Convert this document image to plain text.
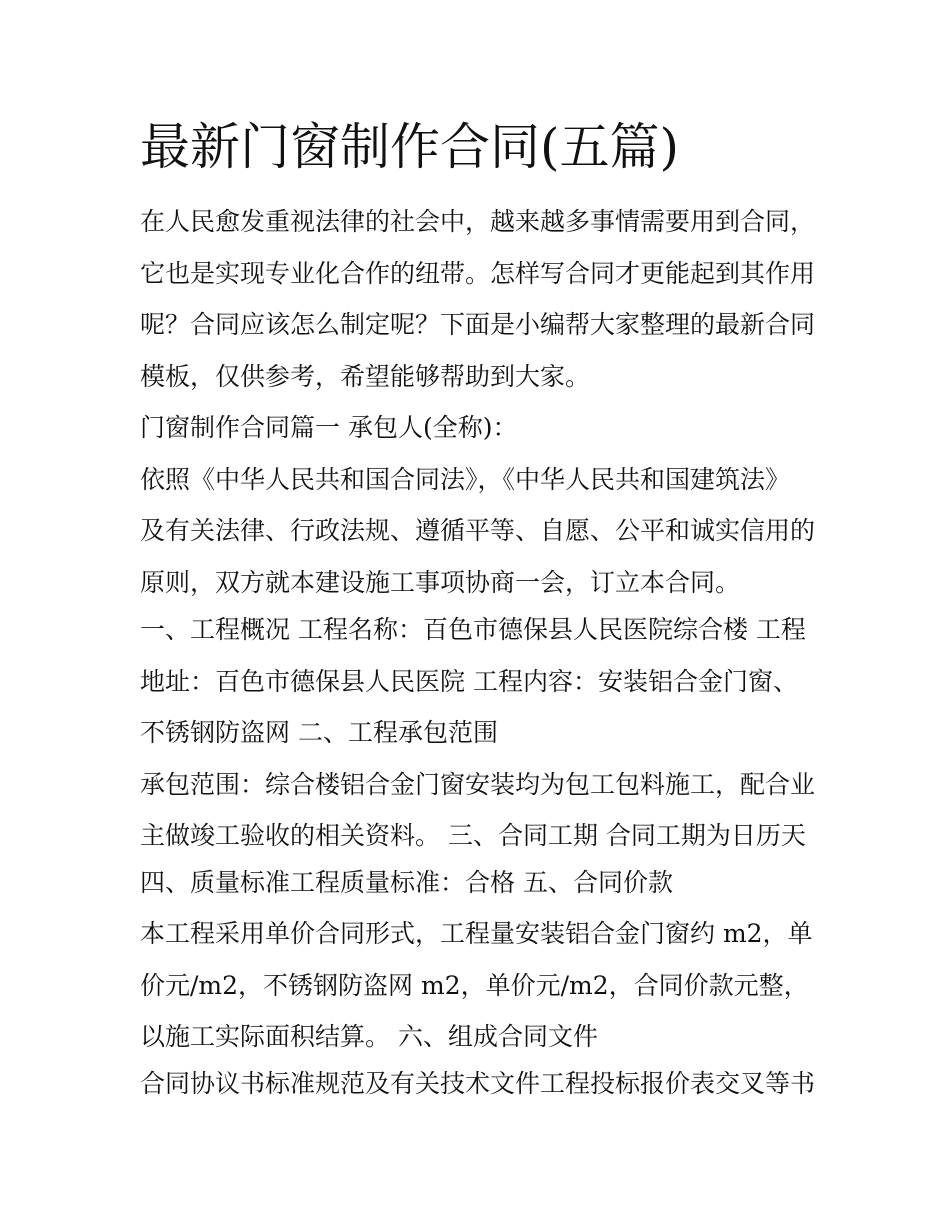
最新门窗制作合同(五篇)

在人民愈发重视法律的社会中，越来越多事情需要用到合同，

它也是实现专业化合作的纽带。怎样写合同才更能起到其作用

呢？合同应该怎么制定呢？下面是小编帮大家整理的最新合同

模板，仅供参考，希望能够帮助到大家。

门窗制作合同篇一 承包人(全称)：

依照《中华人民共和国合同法》，《中华人民共和国建筑法》

及有关法律、行政法规、遵循平等、自愿、公平和诚实信用的

原则，双方就本建设施工事项协商一会，订立本合同。

一、工程概况 工程名称：百色市德保县人民医院综合楼 工程

地址：百色市德保县人民医院 工程内容：安装铝合金门窗、

不锈钢防盗网 二、工程承包范围

承包范围：综合楼铝合金门窗安装均为包工包料施工，配合业

主做竣工验收的相关资料。 三、合同工期 合同工期为日历天

四、质量标准工程质量标准：合格 五、合同价款

本工程采用单价合同形式，工程量安装铝合金门窗约 m2，单

价元/m2，不锈钢防盗网 m2，单价元/m2，合同价款元整，

以施工实际面积结算。 六、组成合同文件

合同协议书标准规范及有关技术文件工程投标报价表交叉等书
